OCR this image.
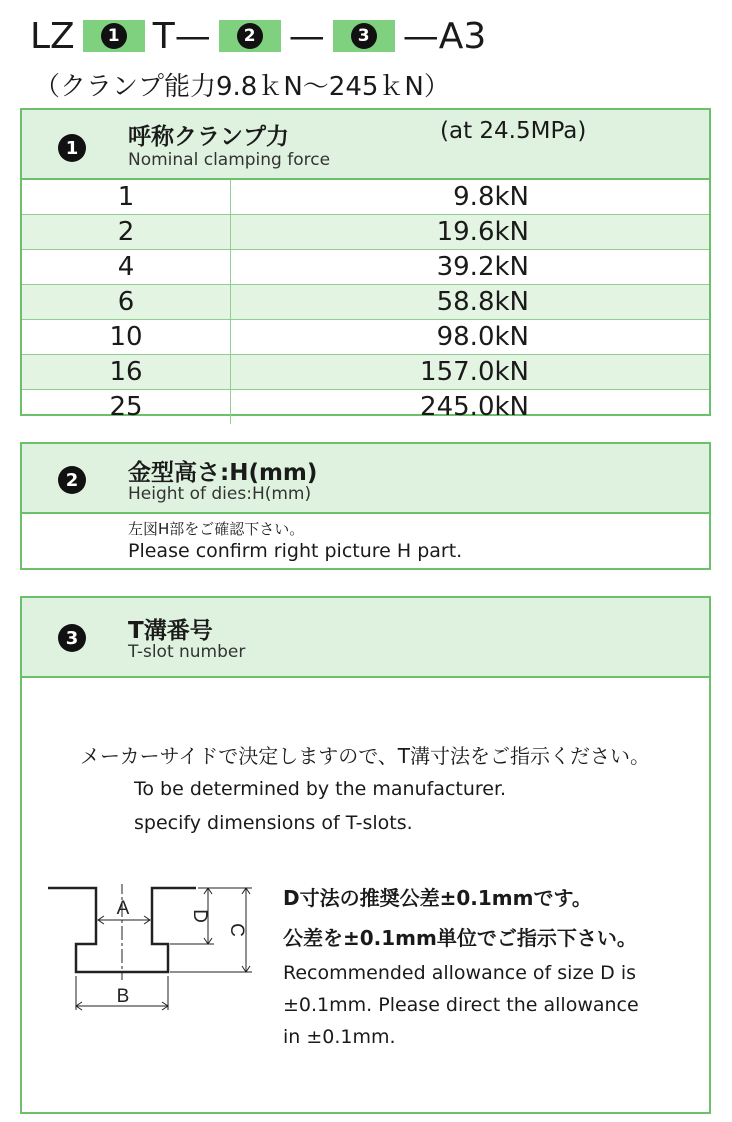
LZ	1 T—	2 —	3 —A3
（クランプ能力9.8ｋN～245ｋN）
1	呼称クランプ力	(at 24.5MPa)
Nominal clamping force
1	9.8kN
2	19.6kN
4	39.2kN
6	58.8kN
10	98.0kN
16	157.0kN
25	245.0kN
2	金型高さ:H(mm)
Height of dies:H(mm)
左図H部をご確認下さい。
Please confirm right picture H part.
3	T溝番号
T-slot number
メーカーサイドで決定しますので、T溝寸法をご指示ください。
To be determined by the manufacturer.
specify dimensions of T-slots.
A
B
D
C
D寸法の推奨公差±0.1mmです。
公差を±0.1mm単位でご指示下さい。
Recommended allowance of size D is
±0.1mm. Please direct the allowance
in ±0.1mm.
